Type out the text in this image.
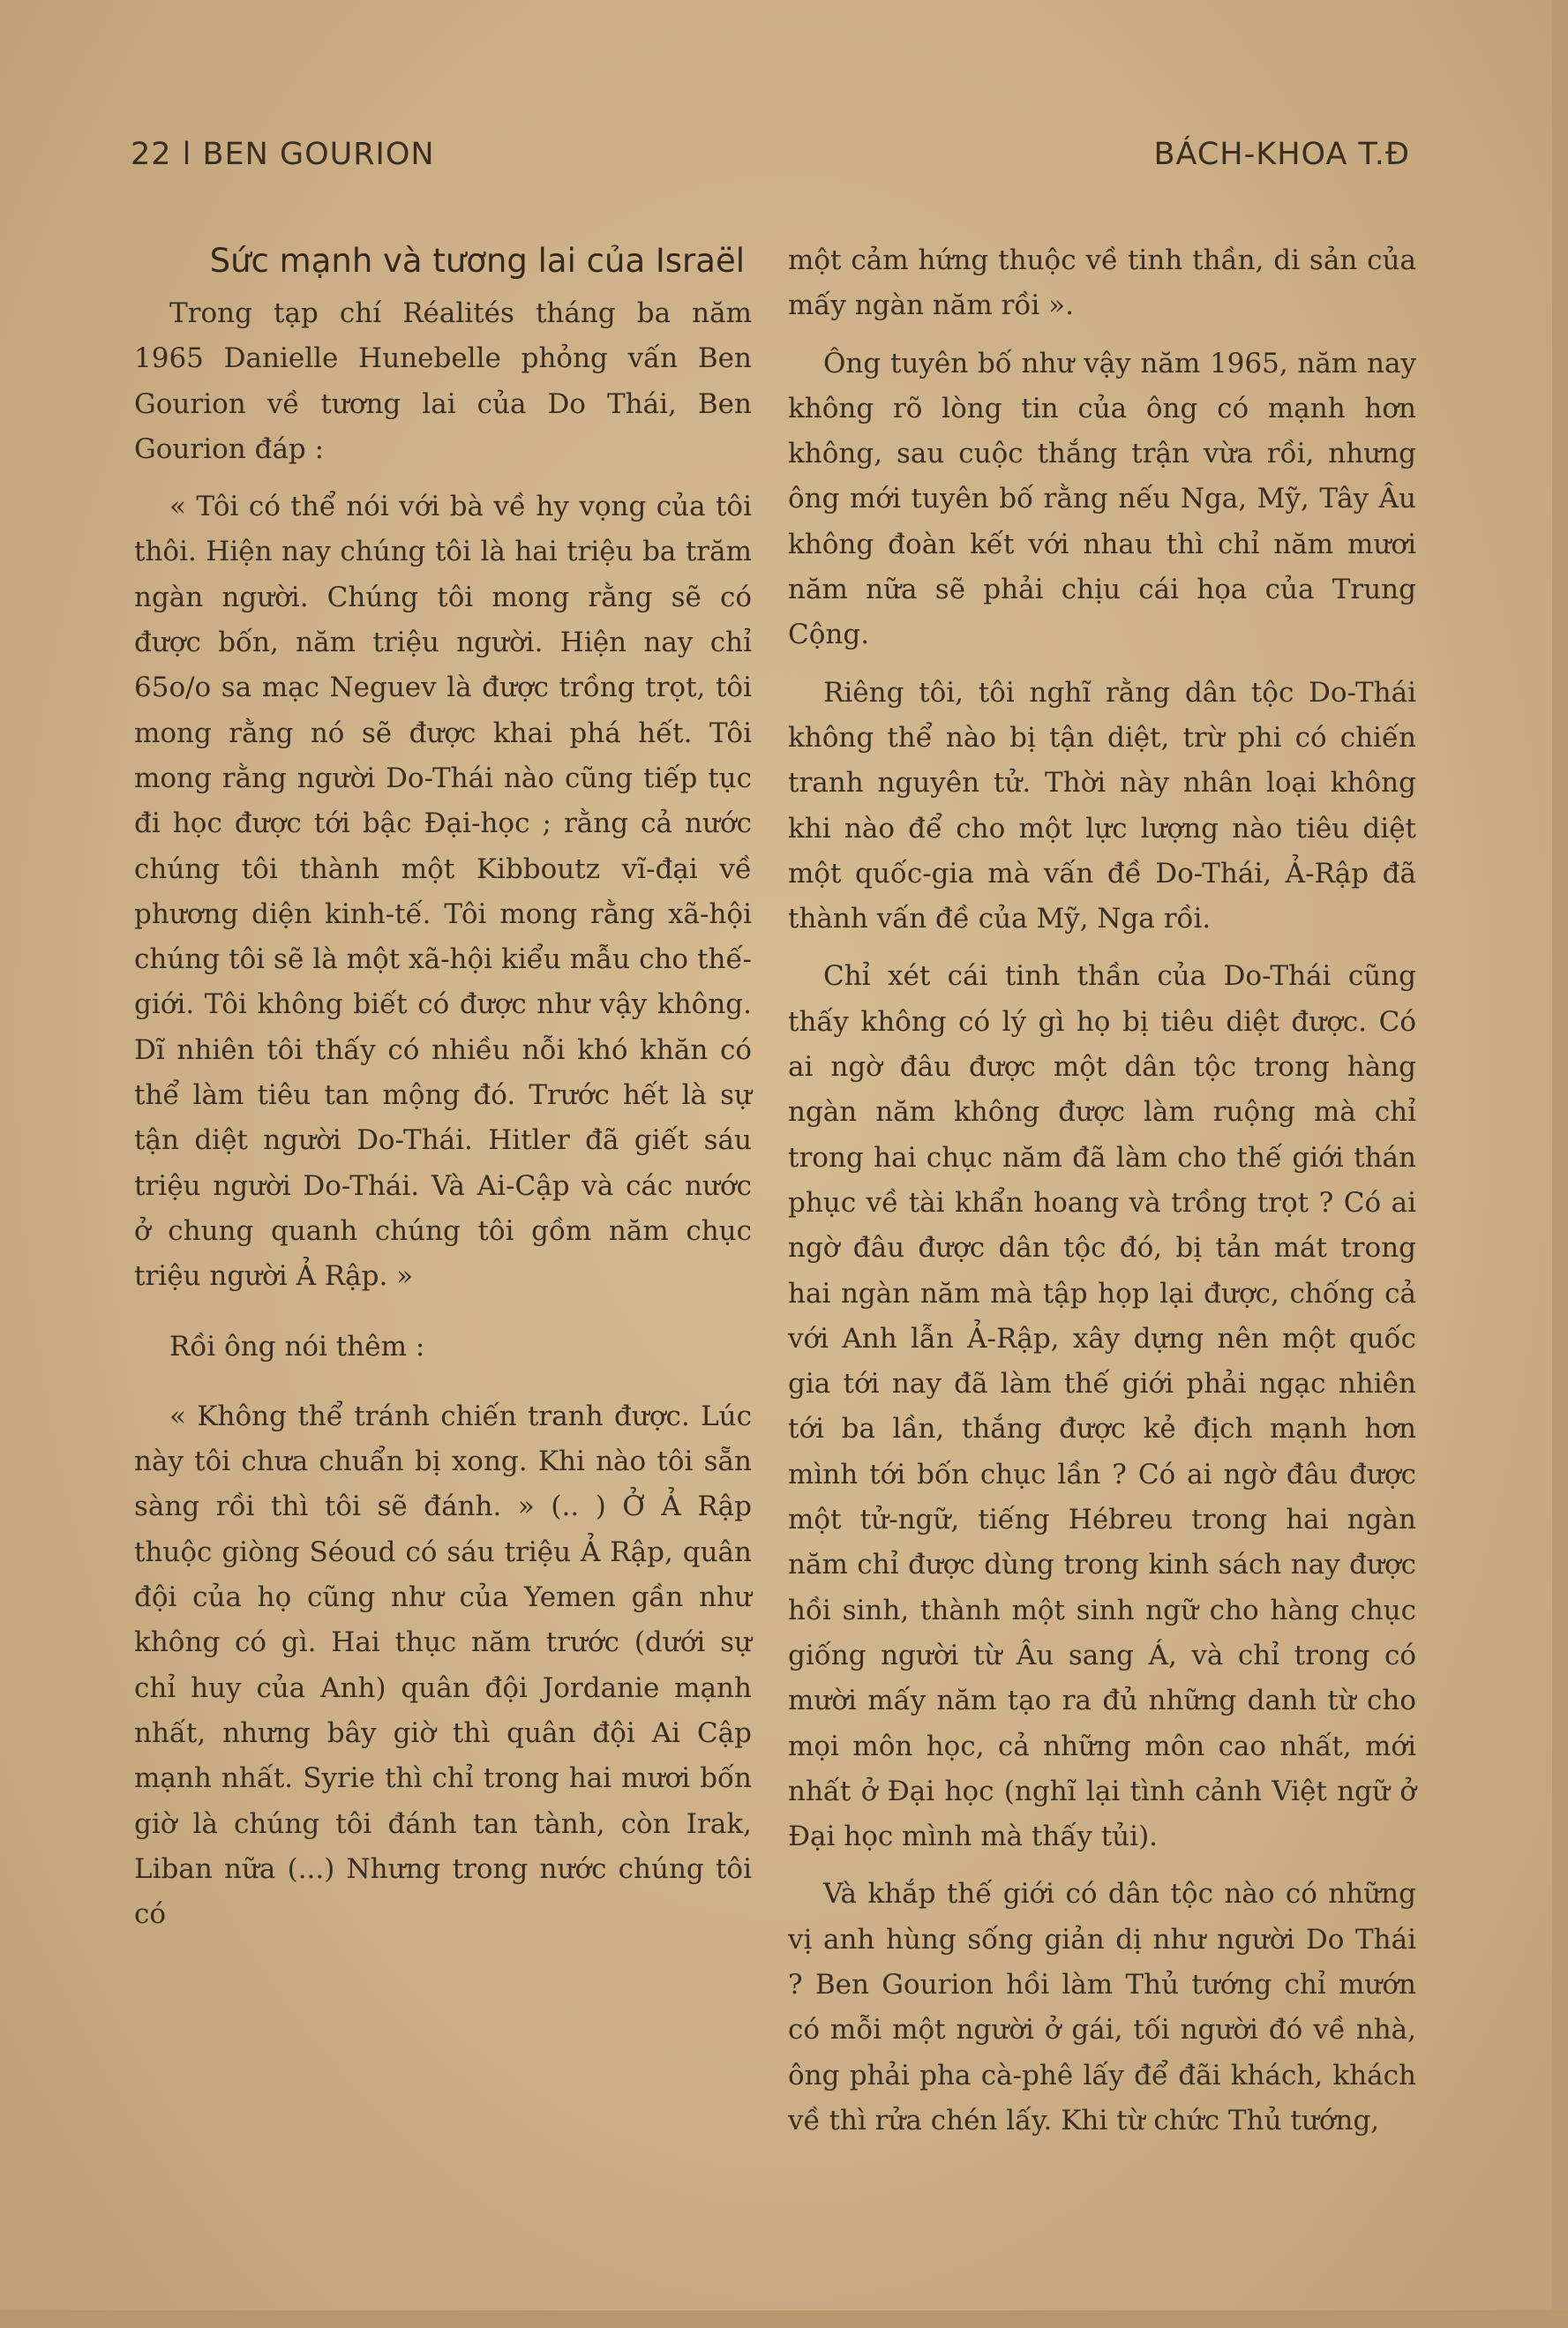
22 l BEN GOURION	BÁCH-KHOA T.Đ
Sức mạnh và tương lai của Israël

Trong tạp chí Réalités tháng ba năm 1965 Danielle Hunebelle phỏng vấn Ben Gourion về tương lai của Do Thái, Ben Gourion đáp :

« Tôi có thể nói với bà về hy vọng của tôi thôi. Hiện nay chúng tôi là hai triệu ba trăm ngàn người. Chúng tôi mong rằng sẽ có được bốn, năm triệu người. Hiện nay chỉ 65o/o sa mạc Neguev là được trồng trọt, tôi mong rằng nó sẽ được khai phá hết. Tôi mong rằng người Do-Thái nào cũng tiếp tục đi học được tới bậc Đại-học ; rằng cả nước chúng tôi thành một Kibboutz vĩ-đại về phương diện kinh-tế. Tôi mong rằng xã-hội chúng tôi sẽ là một xã-hội kiểu mẫu cho thế-giới. Tôi không biết có được như vậy không. Dĩ nhiên tôi thấy có nhiều nỗi khó khăn có thể làm tiêu tan mộng đó. Trước hết là sự tận diệt người Do-Thái. Hitler đã giết sáu triệu người Do-Thái. Và Ai-Cập và các nước ở chung quanh chúng tôi gồm năm chục triệu người Ả Rập. »

Rồi ông nói thêm :

« Không thể tránh chiến tranh được. Lúc này tôi chưa chuẩn bị xong. Khi nào tôi sẵn sàng rồi thì tôi sẽ đánh. » (.. ) Ở Ả Rập thuộc giòng Séoud có sáu triệu Ả Rập, quân đội của họ cũng như của Yemen gần như không có gì. Hai thục năm trước (dưới sự chỉ huy của Anh) quân đội Jordanie mạnh nhất, nhưng bây giờ thì quân đội Ai Cập mạnh nhất. Syrie thì chỉ trong hai mươi bốn giờ là chúng tôi đánh tan tành, còn Irak, Liban nữa (...) Nhưng trong nước chúng tôi có

một cảm hứng thuộc về tinh thần, di sản của mấy ngàn năm rồi ».

Ông tuyên bố như vậy năm 1965, năm nay không rõ lòng tin của ông có mạnh hơn không, sau cuộc thắng trận vừa rồi, nhưng ông mới tuyên bố rằng nếu Nga, Mỹ, Tây Âu không đoàn kết với nhau thì chỉ năm mươi năm nữa sẽ phải chịu cái họa của Trung Cộng.

Riêng tôi, tôi nghĩ rằng dân tộc Do-Thái không thể nào bị tận diệt, trừ phi có chiến tranh nguyên tử. Thời này nhân loại không khi nào để cho một lực lượng nào tiêu diệt một quốc-gia mà vấn đề Do-Thái, Ả-Rập đã thành vấn đề của Mỹ, Nga rồi.

Chỉ xét cái tinh thần của Do-Thái cũng thấy không có lý gì họ bị tiêu diệt được. Có ai ngờ đâu được một dân tộc trong hàng ngàn năm không được làm ruộng mà chỉ trong hai chục năm đã làm cho thế giới thán phục về tài khẩn hoang và trồng trọt ? Có ai ngờ đâu được dân tộc đó, bị tản mát trong hai ngàn năm mà tập họp lại được, chống cả với Anh lẫn Ả-Rập, xây dựng nên một quốc gia tới nay đã làm thế giới phải ngạc nhiên tới ba lần, thắng được kẻ địch mạnh hơn mình tới bốn chục lần ? Có ai ngờ đâu được một tử-ngữ, tiếng Hébreu trong hai ngàn năm chỉ được dùng trong kinh sách nay được hồi sinh, thành một sinh ngữ cho hàng chục giống người từ Âu sang Á, và chỉ trong có mười mấy năm tạo ra đủ những danh từ cho mọi môn học, cả những môn cao nhất, mới nhất ở Đại học (nghĩ lại tình cảnh Việt ngữ ở Đại học mình mà thấy tủi).

Và khắp thế giới có dân tộc nào có những vị anh hùng sống giản dị như người Do Thái ? Ben Gourion hồi làm Thủ tướng chỉ mướn có mỗi một người ở gái, tối người đó về nhà, ông phải pha cà-phê lấy để đãi khách, khách về thì rửa chén lấy. Khi từ chức Thủ tướng,
